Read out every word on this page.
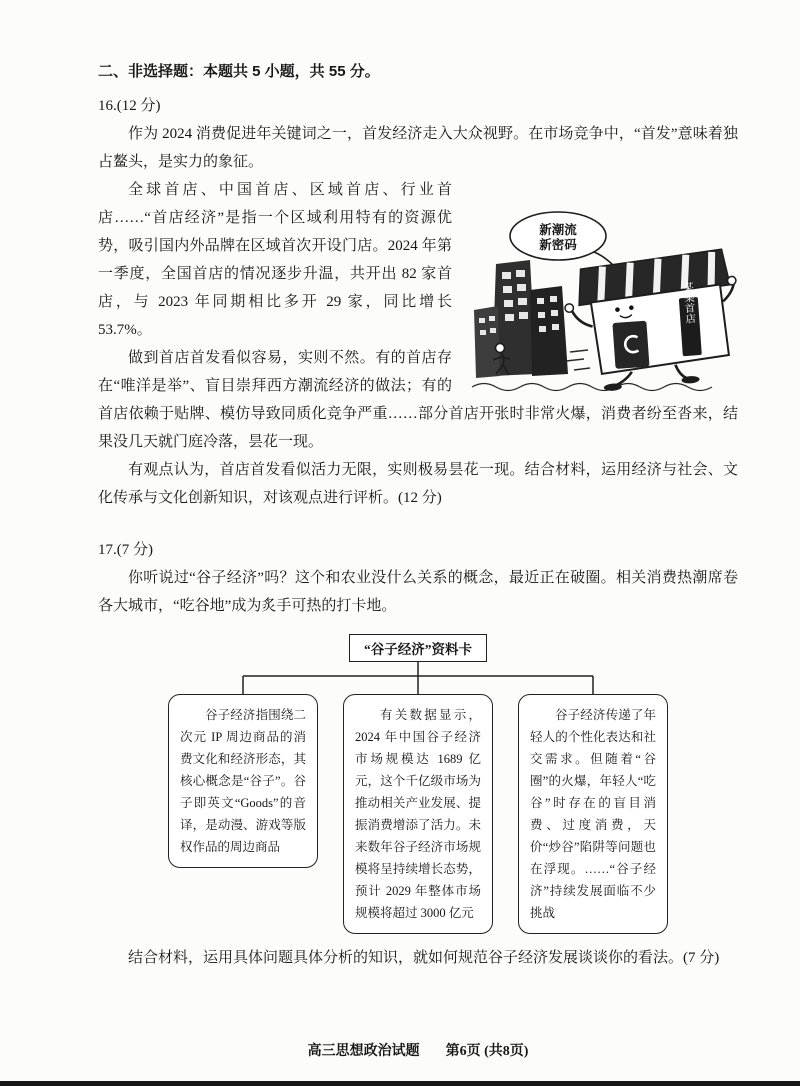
二、非选择题：本题共 5 小题，共 55 分。
16.(12 分)

作为 2024 消费促进年关键词之一，首发经济走入大众视野。在市场竞争中，“首发”意味着独占鳌头，是实力的象征。

新潮流
新密码
某某首店

全球首店、中国首店、区域首店、行业首店……“首店经济”是指一个区域利用特有的资源优势，吸引国内外品牌在区域首次开设门店。2024 年第一季度，全国首店的情况逐步升温，共开出 82 家首店，与 2023 年同期相比多开 29 家，同比增长 53.7%。

做到首店首发看似容易，实则不然。有的首店存在“唯洋是举”、盲目崇拜西方潮流经济的做法；有的首店依赖于贴牌、模仿导致同质化竞争严重……部分首店开张时非常火爆，消费者纷至沓来，结果没几天就门庭冷落，昙花一现。

有观点认为，首店首发看似活力无限，实则极易昙花一现。结合材料，运用经济与社会、文化传承与文化创新知识，对该观点进行评析。(12 分)

17.(7 分)

你听说过“谷子经济”吗？这个和农业没什么关系的概念，最近正在破圈。相关消费热潮席卷各大城市，“吃谷地”成为炙手可热的打卡地。

“谷子经济”资料卡

谷子经济指围绕二次元 IP 周边商品的消费文化和经济形态，其核心概念是“谷子”。谷子即英文“Goods”的音译，是动漫、游戏等版权作品的周边商品

有关数据显示，2024 年中国谷子经济市场规模达 1689 亿元，这个千亿级市场为推动相关产业发展、提振消费增添了活力。未来数年谷子经济市场规模将呈持续增长态势，预计 2029 年整体市场规模将超过 3000 亿元

谷子经济传递了年轻人的个性化表达和社交需求。但随着“谷圈”的火爆，年轻人“吃谷”时存在的盲目消费、过度消费，天价“炒谷”陷阱等问题也在浮现。……“谷子经济”持续发展面临不少挑战

结合材料，运用具体问题具体分析的知识，就如何规范谷子经济发展谈谈你的看法。(7 分)

高三思想政治试题 第6页 (共8页)
